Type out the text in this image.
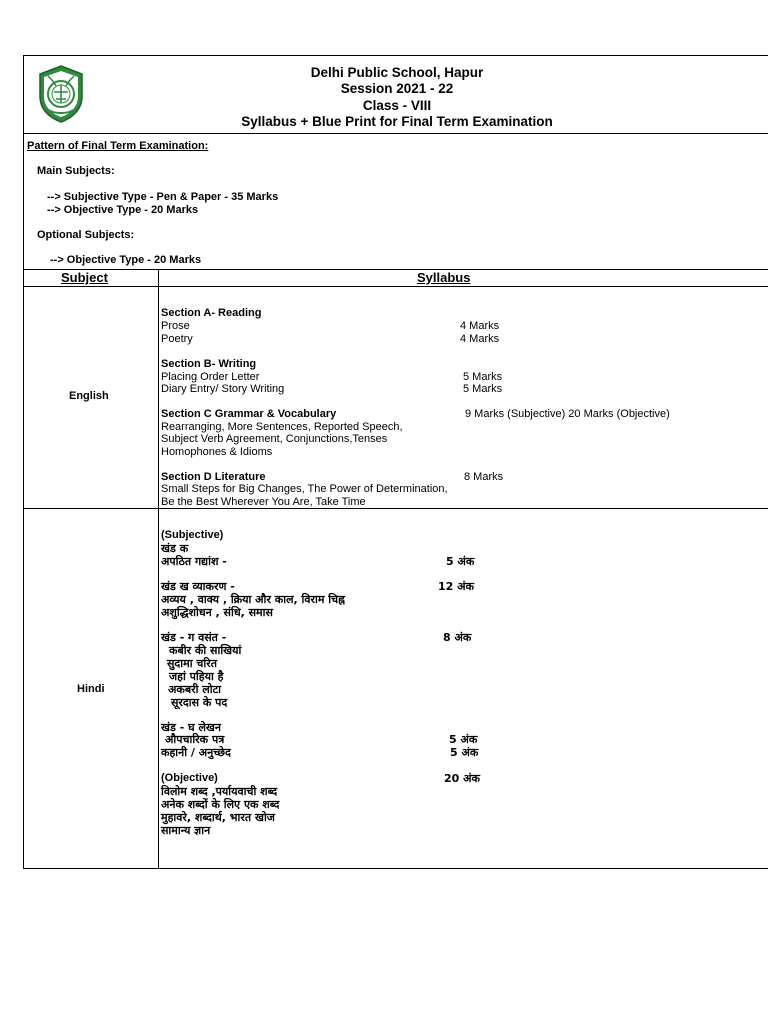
Delhi Public School, Hapur
Session 2021 - 22
Class - VIII
Syllabus + Blue Print for Final Term Examination
Pattern of Final Term Examination:
Main Subjects:
--> Subjective Type - Pen & Paper - 35 Marks
--> Objective Type - 20 Marks
Optional Subjects:
--> Objective Type - 20 Marks
Subject	Syllabus
English
Section A- Reading
Prose	4 Marks
Poetry	4 Marks
Section B- Writing
Placing Order Letter	5 Marks
Diary Entry/ Story Writing	5 Marks
Section C Grammar & Vocabulary	9 Marks (Subjective) 20 Marks (Objective)
Rearranging, More Sentences, Reported Speech,
Subject Verb Agreement, Conjunctions,Tenses
Homophones & Idioms
Section D Literature	8 Marks
Small Steps for Big Changes, The Power of Determination,
Be the Best Wherever You Are, Take Time
Hindi
(Subjective)
खंड क
अपठित गद्यांश -	5 अंक
खंड ख व्याकरण -	12 अंक
अव्यय , वाक्य , क्रिया और काल, विराम चिह्न
अशुद्धिशोधन , संधि, समास
खंड - ग वसंत -	8 अंक
कबीर की साखियां
सुदामा चरित
जहां पहिया है
अकबरी लोटा
सूरदास के पद
खंड - घ लेखन
औपचारिक पत्र	5 अंक
कहानी / अनुच्छेद	5 अंक
(Objective)	20 अंक
विलोम शब्द ,पर्यायवाची शब्द
अनेक शब्दों के लिए एक शब्द
मुहावरे, शब्दार्थ, भारत खोज
सामान्य ज्ञान
